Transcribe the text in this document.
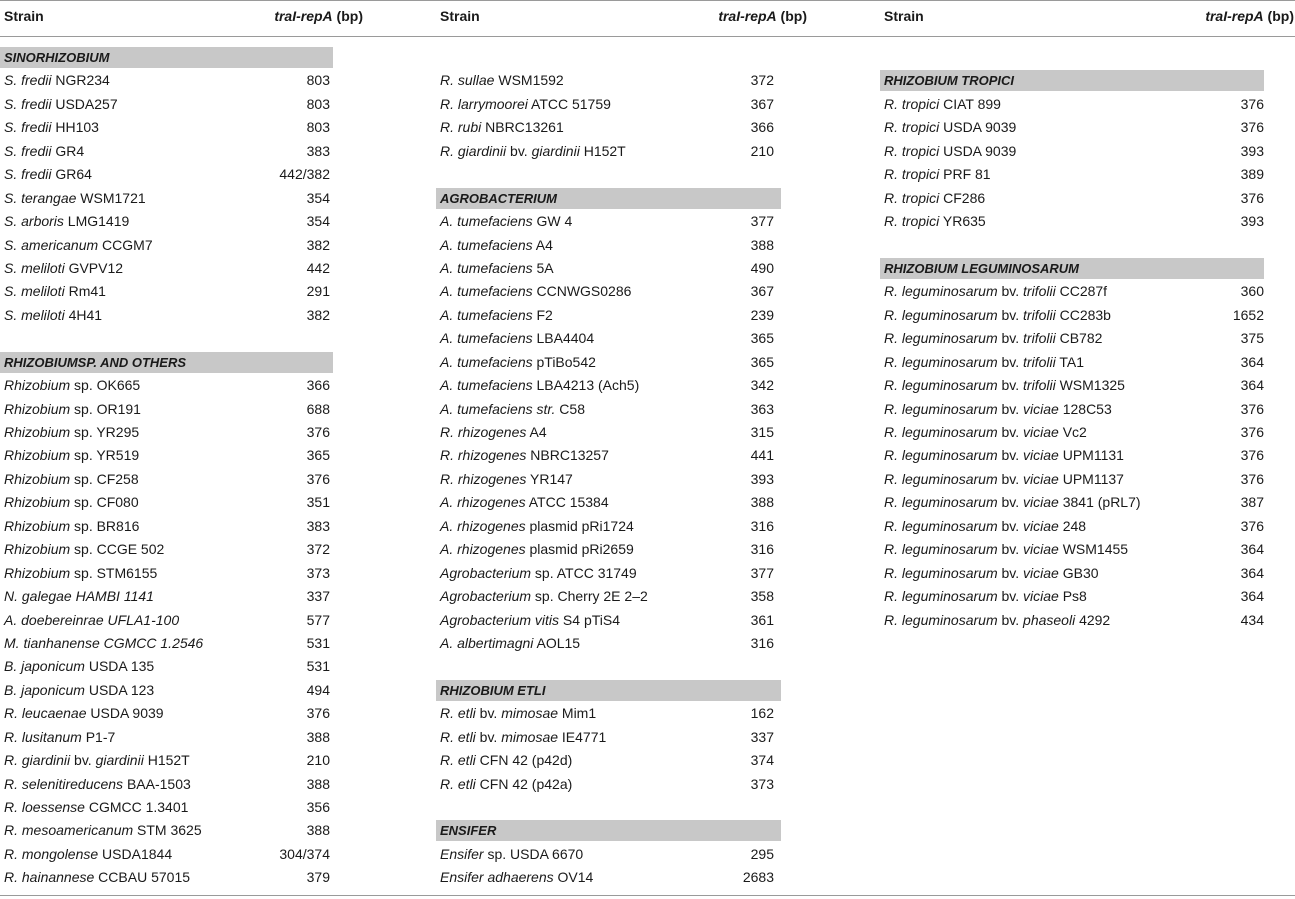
Strain	traI-repA (bp)
SINORHIZOBIUM
S. fredii NGR234	803
S. fredii USDA257	803
S. fredii HH103	803
S. fredii GR4	383
S. fredii GR64	442/382
S. terangae WSM1721	354
S. arboris LMG1419	354
S. americanum CCGM7	382
S. meliloti GVPV12	442
S. meliloti Rm41	291
S. meliloti 4H41	382
RHIZOBIUMSP. AND OTHERS
Rhizobium sp. OK665	366
Rhizobium sp. OR191	688
Rhizobium sp. YR295	376
Rhizobium sp. YR519	365
Rhizobium sp. CF258	376
Rhizobium sp. CF080	351
Rhizobium sp. BR816	383
Rhizobium sp. CCGE 502	372
Rhizobium sp. STM6155	373
N. galegae HAMBI 1141	337
A. doebereinrae UFLA1-100	577
M. tianhanense CGMCC 1.2546	531
B. japonicum USDA 135	531
B. japonicum USDA 123	494
R. leucaenae USDA 9039	376
R. lusitanum P1-7	388
R. giardinii bv. giardinii H152T	210
R. selenitireducens BAA-1503	388
R. loessense CGMCC 1.3401	356
R. mesoamericanum STM 3625	388
R. mongolense USDA1844	304/374
R. hainannese CCBAU 57015	379
Strain	traI-repA (bp)
R. sullae WSM1592	372
R. larrymoorei ATCC 51759	367
R. rubi NBRC13261	366
R. giardinii bv. giardinii H152T	210
AGROBACTERIUM
A. tumefaciens GW 4	377
A. tumefaciens A4	388
A. tumefaciens 5A	490
A. tumefaciens CCNWGS0286	367
A. tumefaciens F2	239
A. tumefaciens LBA4404	365
A. tumefaciens pTiBo542	365
A. tumefaciens LBA4213 (Ach5)	342
A. tumefaciens str. C58	363
R. rhizogenes A4	315
R. rhizogenes NBRC13257	441
R. rhizogenes YR147	393
A. rhizogenes ATCC 15384	388
A. rhizogenes plasmid pRi1724	316
A. rhizogenes plasmid pRi2659	316
Agrobacterium sp. ATCC 31749	377
Agrobacterium sp. Cherry 2E 2–2	358
Agrobacterium vitis S4 pTiS4	361
A. albertimagni AOL15	316
RHIZOBIUM ETLI
R. etli bv. mimosae Mim1	162
R. etli bv. mimosae IE4771	337
R. etli CFN 42 (p42d)	374
R. etli CFN 42 (p42a)	373
ENSIFER
Ensifer sp. USDA 6670	295
Ensifer adhaerens OV14	2683
Strain	traI-repA (bp)
RHIZOBIUM TROPICI
R. tropici CIAT 899	376
R. tropici USDA 9039	376
R. tropici USDA 9039	393
R. tropici PRF 81	389
R. tropici CF286	376
R. tropici YR635	393
RHIZOBIUM LEGUMINOSARUM
R. leguminosarum bv. trifolii CC287f	360
R. leguminosarum bv. trifolii CC283b	1652
R. leguminosarum bv. trifolii CB782	375
R. leguminosarum bv. trifolii TA1	364
R. leguminosarum bv. trifolii WSM1325	364
R. leguminosarum bv. viciae 128C53	376
R. leguminosarum bv. viciae Vc2	376
R. leguminosarum bv. viciae UPM1131	376
R. leguminosarum bv. viciae UPM1137	376
R. leguminosarum bv. viciae 3841 (pRL7)	387
R. leguminosarum bv. viciae 248	376
R. leguminosarum bv. viciae WSM1455	364
R. leguminosarum bv. viciae GB30	364
R. leguminosarum bv. viciae Ps8	364
R. leguminosarum bv. phaseoli 4292	434
